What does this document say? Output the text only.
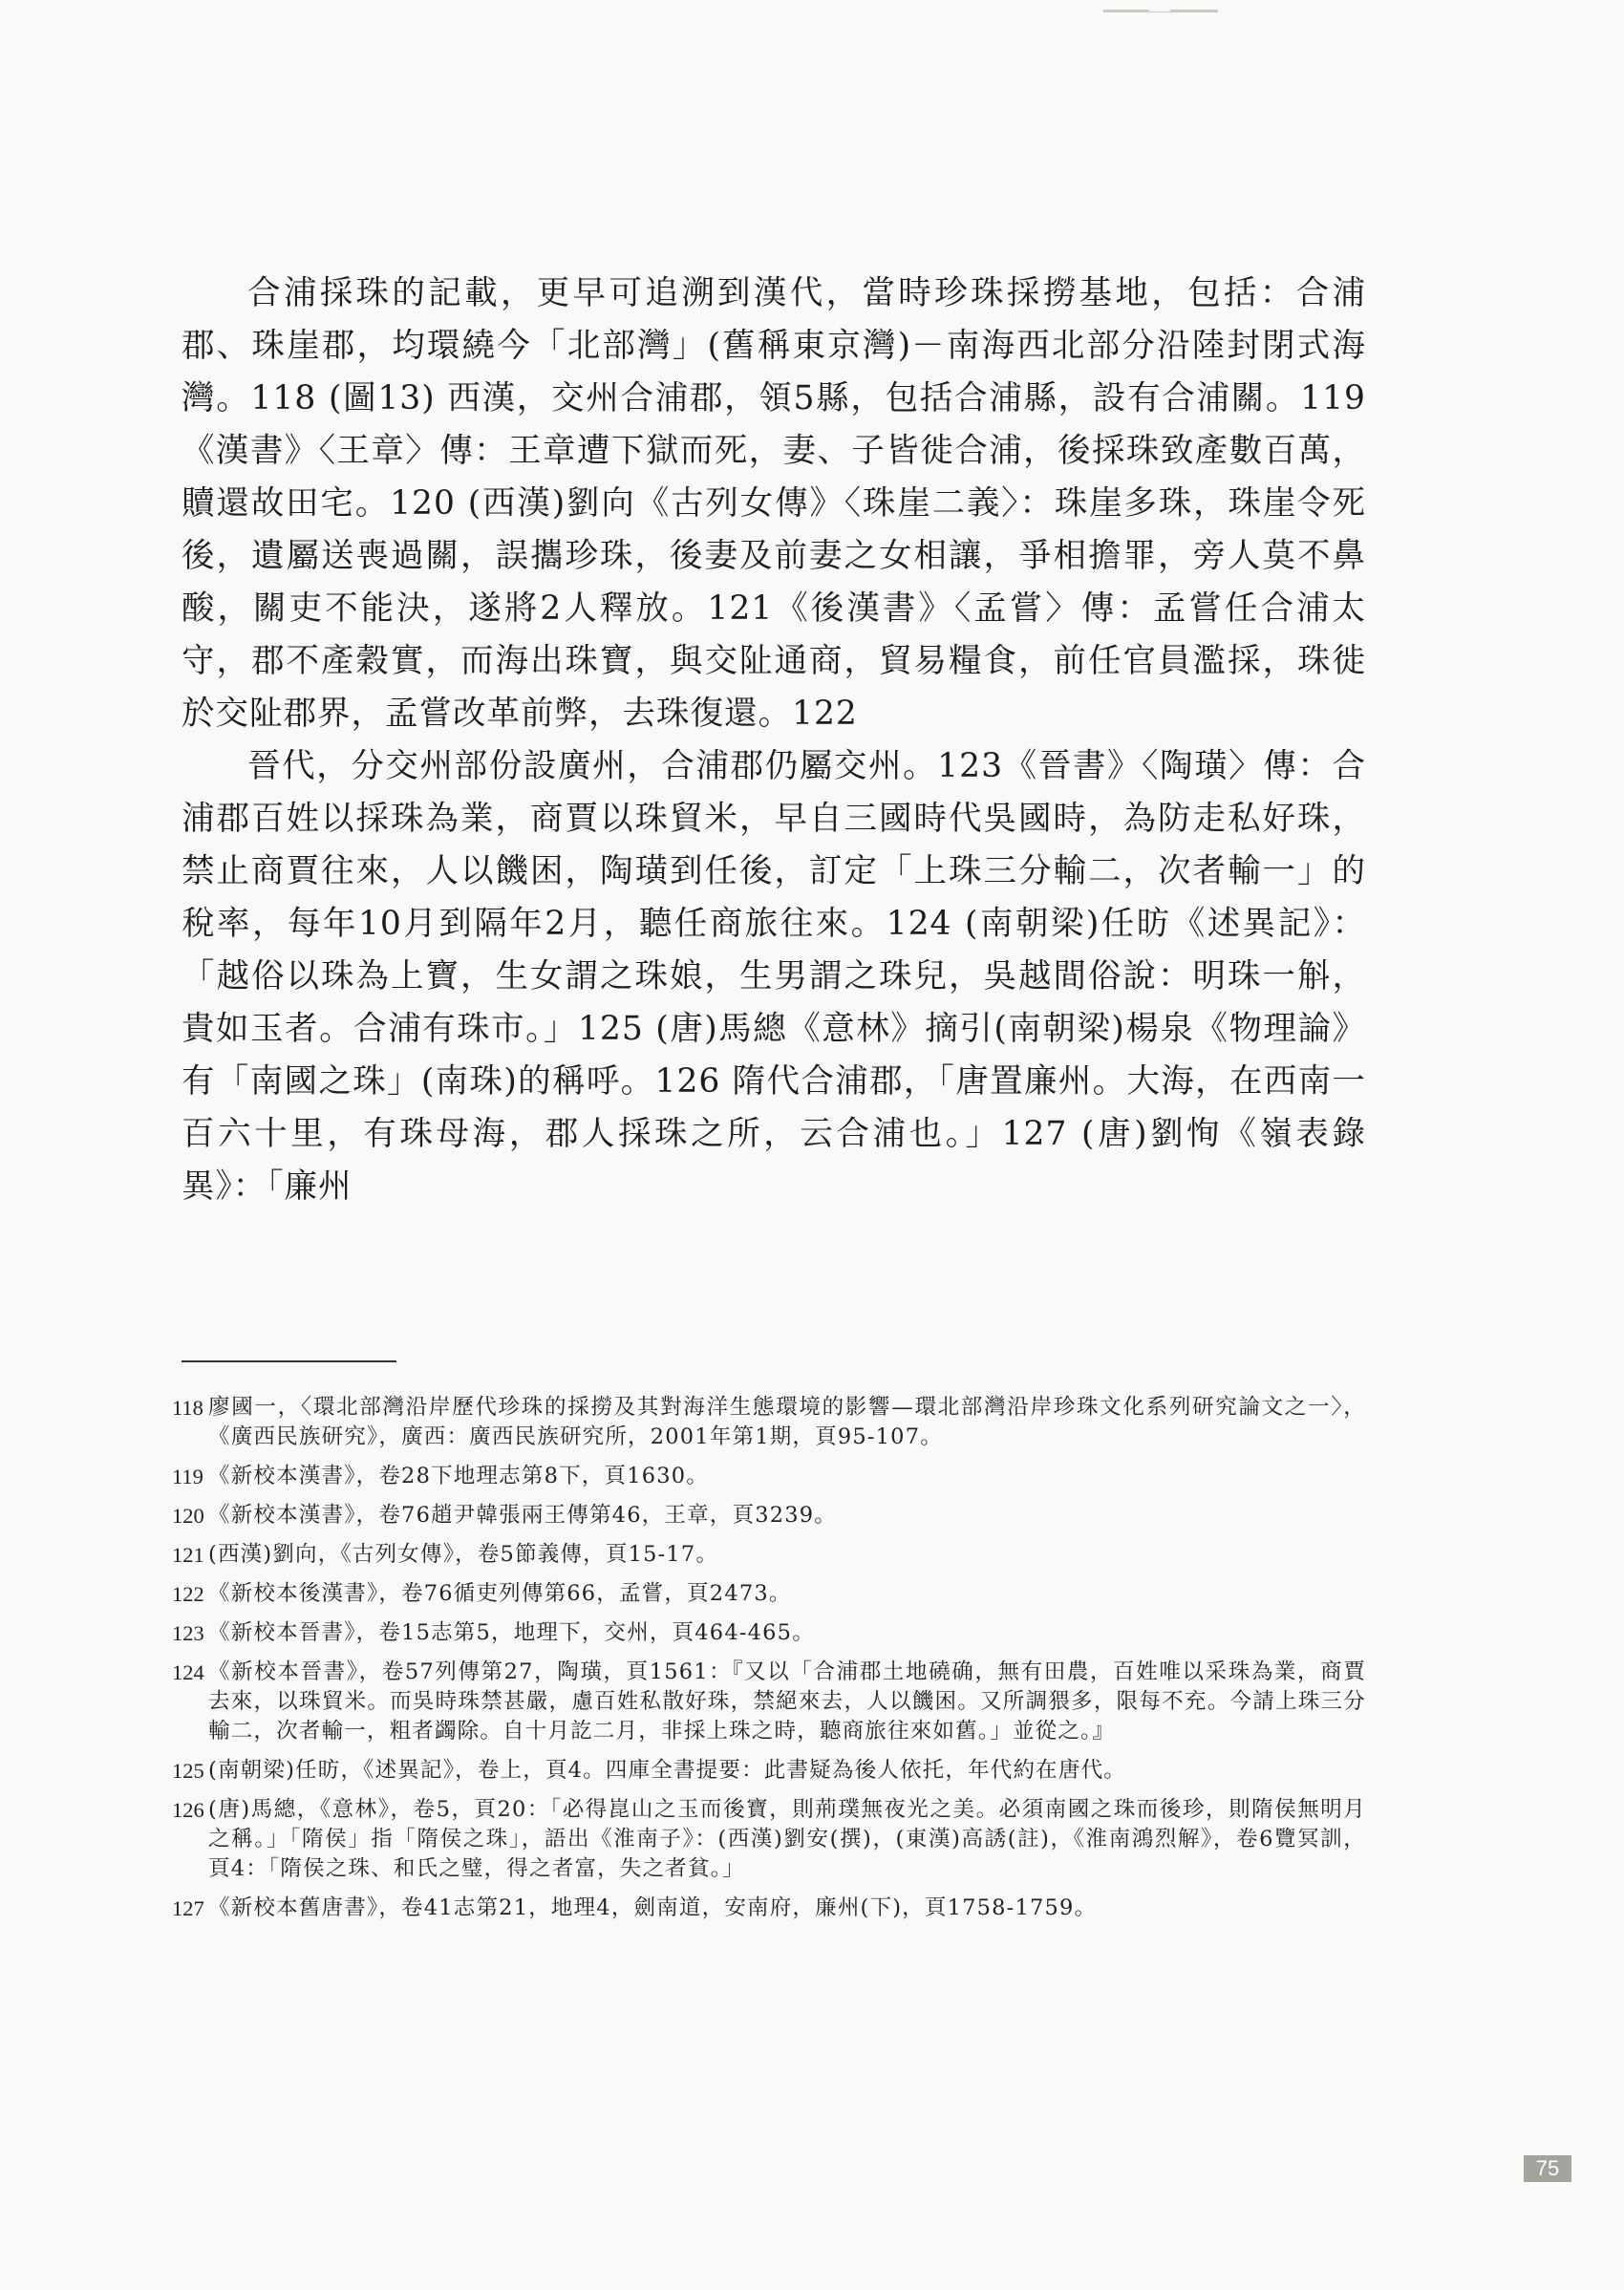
合浦採珠的記載，更早可追溯到漢代，當時珍珠採撈基地，包括：合浦郡、珠崖郡，均環繞今「北部灣」(舊稱東京灣)－南海西北部分沿陸封閉式海灣。118 (圖13) 西漢，交州合浦郡，領5縣，包括合浦縣，設有合浦關。119《漢書》〈王章〉傳：王章遭下獄而死，妻、子皆徙合浦，後採珠致產數百萬，贖還故田宅。120 (西漢)劉向《古列女傳》〈珠崖二義〉：珠崖多珠，珠崖令死後，遺屬送喪過關，誤攜珍珠，後妻及前妻之女相讓，爭相擔罪，旁人莫不鼻酸，關吏不能決，遂將2人釋放。121《後漢書》〈孟嘗〉傳：孟嘗任合浦太守，郡不產穀實，而海出珠寶，與交阯通商，貿易糧食，前任官員濫採，珠徙於交阯郡界，孟嘗改革前弊，去珠復還。122

晉代，分交州部份設廣州，合浦郡仍屬交州。123《晉書》〈陶璜〉傳：合浦郡百姓以採珠為業，商賈以珠貿米，早自三國時代吳國時，為防走私好珠，禁止商賈往來，人以饑困，陶璜到任後，訂定「上珠三分輸二，次者輸一」的稅率，每年10月到隔年2月，聽任商旅往來。124 (南朝梁)任昉《述異記》：「越俗以珠為上寶，生女謂之珠娘，生男謂之珠兒，吳越間俗說：明珠一斛，貴如玉者。合浦有珠市。」125 (唐)馬總《意林》摘引(南朝梁)楊泉《物理論》有「南國之珠」(南珠)的稱呼。126 隋代合浦郡，「唐置廉州。大海，在西南一百六十里，有珠母海，郡人採珠之所，云合浦也。」127 (唐)劉恂《嶺表錄異》：「廉州

118 廖國一，〈環北部灣沿岸歷代珍珠的採撈及其對海洋生態環境的影響—環北部灣沿岸珍珠文化系列研究論文之一〉，《廣西民族研究》，廣西：廣西民族研究所，2001年第1期，頁95-107。
119 《新校本漢書》，卷28下地理志第8下，頁1630。
120 《新校本漢書》，卷76趙尹韓張兩王傳第46，王章，頁3239。
121 (西漢)劉向，《古列女傳》，卷5節義傳，頁15-17。
122 《新校本後漢書》，卷76循吏列傳第66，孟嘗，頁2473。
123 《新校本晉書》，卷15志第5，地理下，交州，頁464-465。
124 《新校本晉書》，卷57列傳第27，陶璜，頁1561：『又以「合浦郡土地磽确，無有田農，百姓唯以采珠為業，商賈去來，以珠貿米。而吳時珠禁甚嚴，慮百姓私散好珠，禁絕來去，人以饑困。又所調猥多，限每不充。今請上珠三分輸二，次者輸一，粗者蠲除。自十月訖二月，非採上珠之時，聽商旅往來如舊。」並從之。』
125 (南朝梁)任昉，《述異記》，卷上，頁4。四庫全書提要：此書疑為後人依托，年代約在唐代。
126 (唐)馬總，《意林》，卷5，頁20：「必得崑山之玉而後寶，則荊璞無夜光之美。必須南國之珠而後珍，則隋侯無明月之稱。」「隋侯」指「隋侯之珠」，語出《淮南子》：(西漢)劉安(撰)，(東漢)高誘(註)，《淮南鴻烈解》，卷6覽冥訓，頁4：「隋侯之珠、和氏之璧，得之者富，失之者貧。」
127 《新校本舊唐書》，卷41志第21，地理4，劍南道，安南府，廉州(下)，頁1758-1759。
75
